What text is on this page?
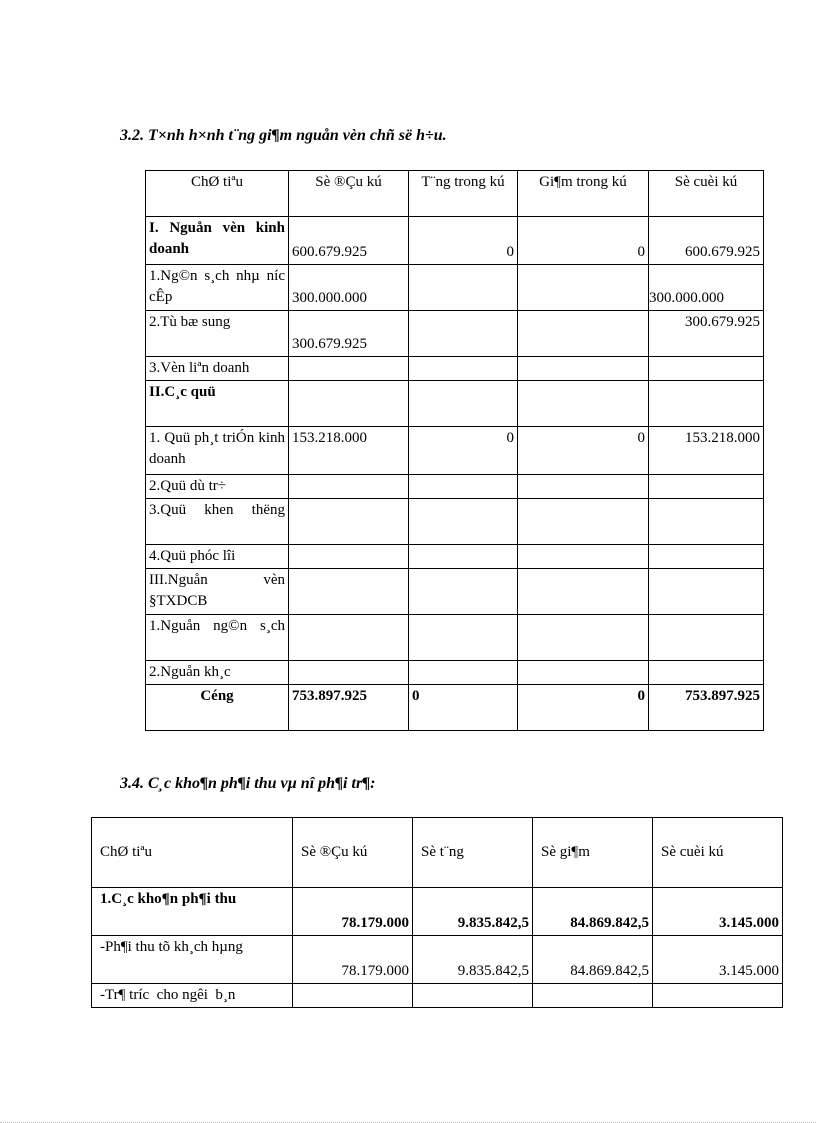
3.2. T×nh h×nh t¨ng gi¶m nguån vèn chñ së h÷u.
ChØ tiªu	Sè ®Çu kú	T¨ng trong kú	Gi¶m trong kú	Sè cuèi kú
I. Nguån vèn kinh doanh	600.679.925	0	0	600.679.925
1.Ng©n s¸ch nhµ níc cÊp	300.000.000			300.000.000
2.Tù bæ sung	300.679.925			300.679.925
3.Vèn liªn doanh				
II.C¸c quü				
1. Quü ph¸t triÓn kinh doanh	153.218.000	0	0	153.218.000
2.Quü dù tr÷				
3.Quü khen thëng				
4.Quü phóc lîi				
III.Nguån vèn §TXDCB				
1.Nguån ng©n s¸ch				
2.Nguån kh¸c				
Céng	753.897.925	0	0	753.897.925
3.4. C¸c kho¶n ph¶i thu vµ nî ph¶i tr¶:
ChØ tiªu	Sè ®Çu kú	Sè t¨ng	Sè gi¶m	Sè cuèi kú
1.C¸c kho¶n ph¶i thu	78.179.000	9.835.842,5	84.869.842,5	3.145.000
-Ph¶i thu tõ kh¸ch hµng	78.179.000	9.835.842,5	84.869.842,5	3.145.000
-Tr¶ tríc  cho ngêi  b¸n				
